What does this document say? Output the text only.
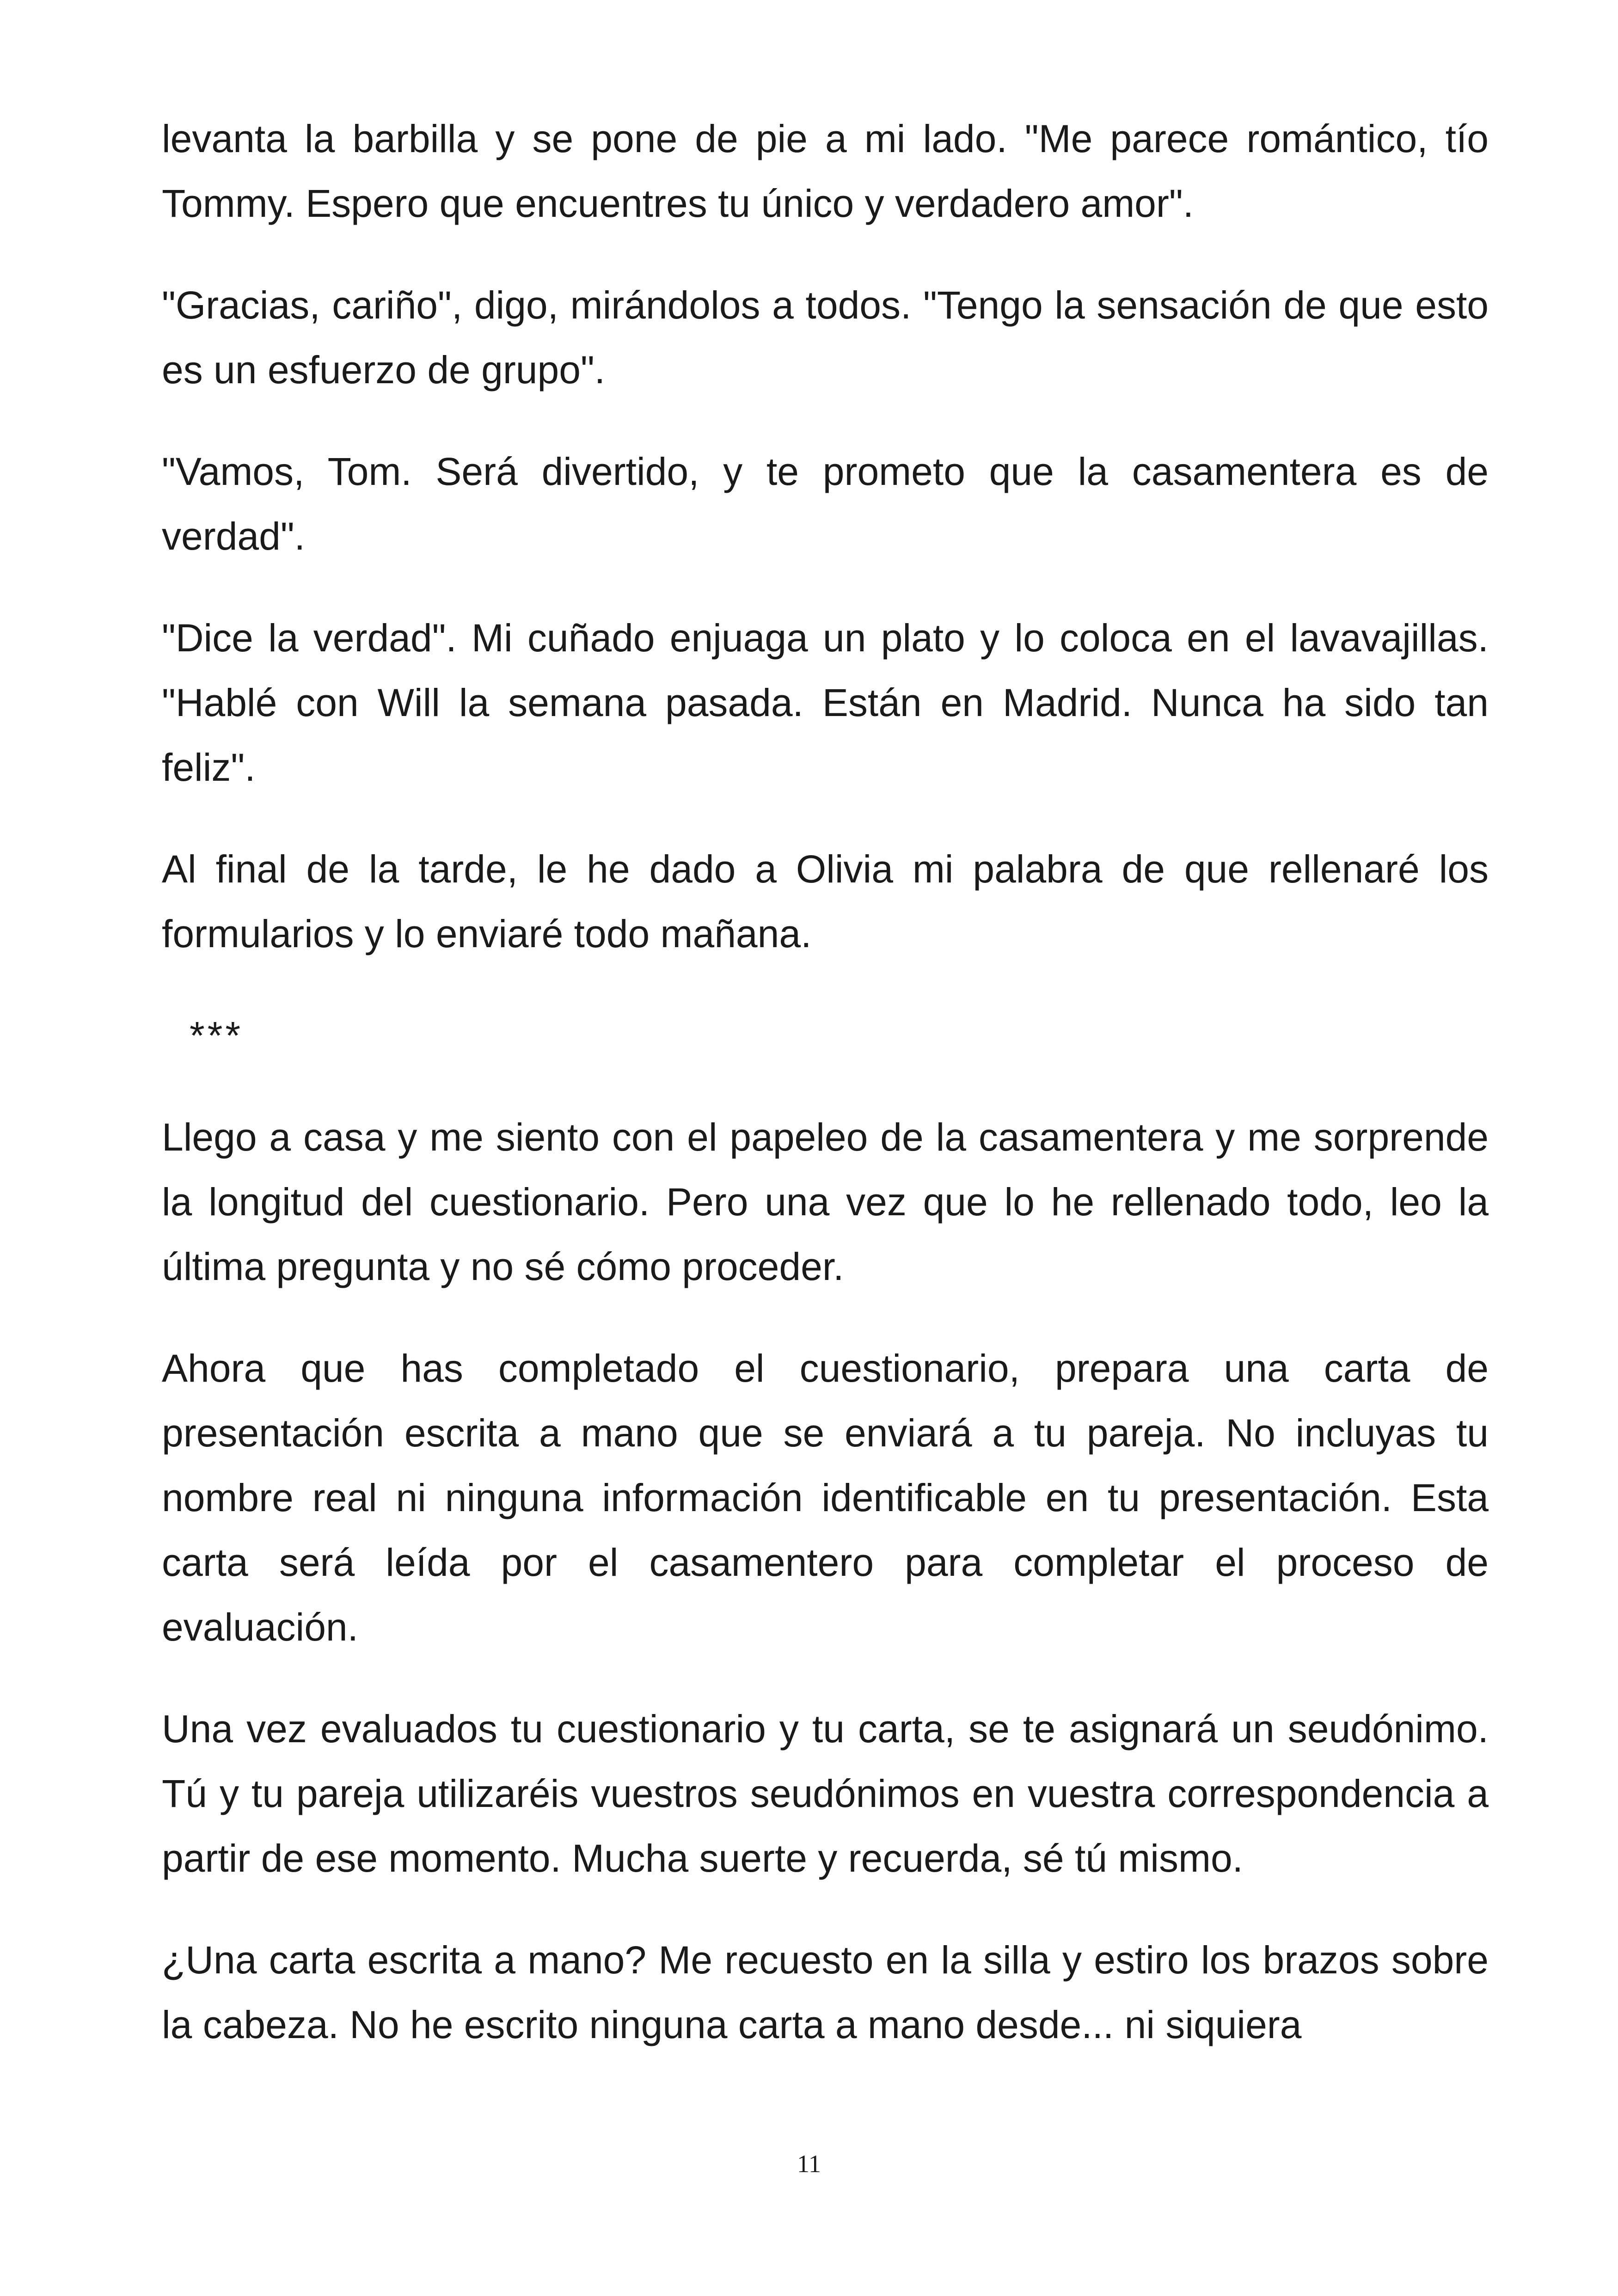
levanta la barbilla y se pone de pie a mi lado. "Me parece romántico, tío Tommy. Espero que encuentres tu único y verdadero amor".

"Gracias, cariño", digo, mirándolos a todos. "Tengo la sensación de que esto es un esfuerzo de grupo".

"Vamos, Tom. Será divertido, y te prometo que la casamentera es de verdad".

"Dice la verdad". Mi cuñado enjuaga un plato y lo coloca en el lavavajillas. "Hablé con Will la semana pasada. Están en Madrid. Nunca ha sido tan feliz".

Al final de la tarde, le he dado a Olivia mi palabra de que rellenaré los formularios y lo enviaré todo mañana.

***

Llego a casa y me siento con el papeleo de la casamentera y me sorprende la longitud del cuestionario. Pero una vez que lo he rellenado todo, leo la última pregunta y no sé cómo proceder.

Ahora que has completado el cuestionario, prepara una carta de presentación escrita a mano que se enviará a tu pareja. No incluyas tu nombre real ni ninguna información identificable en tu presentación. Esta carta será leída por el casamentero para completar el proceso de evaluación.

Una vez evaluados tu cuestionario y tu carta, se te asignará un seudónimo. Tú y tu pareja utilizaréis vuestros seudónimos en vuestra correspondencia a partir de ese momento. Mucha suerte y recuerda, sé tú mismo.

¿Una carta escrita a mano? Me recuesto en la silla y estiro los brazos sobre la cabeza. No he escrito ninguna carta a mano desde... ni siquiera

11
